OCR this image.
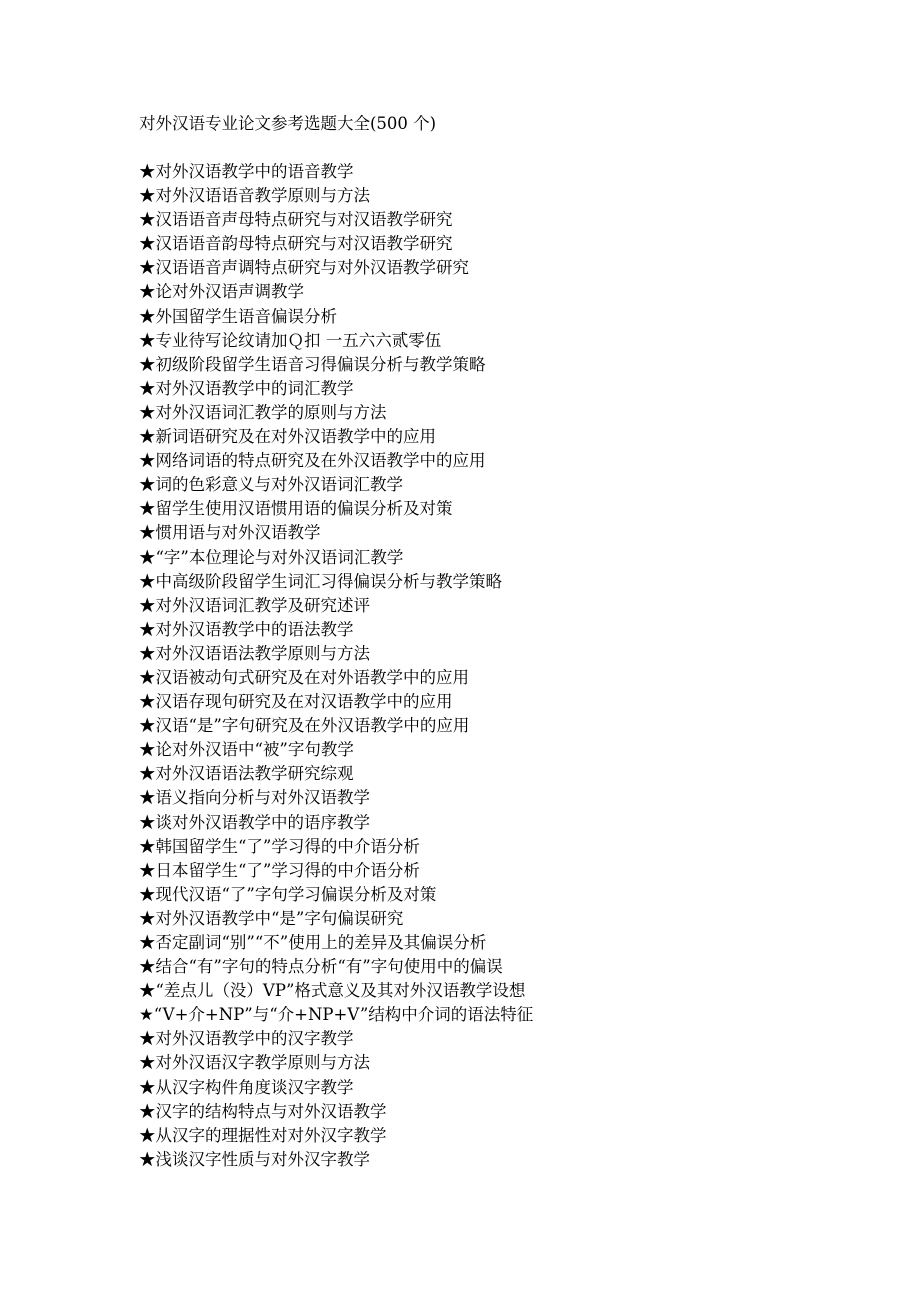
对外汉语专业论文参考选题大全(500 个)
★对外汉语教学中的语音教学
★对外汉语语音教学原则与方法
★汉语语音声母特点研究与对汉语教学研究
★汉语语音韵母特点研究与对汉语教学研究
★汉语语音声调特点研究与对外汉语教学研究
★论对外汉语声调教学
★外国留学生语音偏误分析
★专业待写论纹请加Ｑ扣 一五六六贰零伍
★初级阶段留学生语音习得偏误分析与教学策略
★对外汉语教学中的词汇教学
★对外汉语词汇教学的原则与方法
★新词语研究及在对外汉语教学中的应用
★网络词语的特点研究及在外汉语教学中的应用
★词的色彩意义与对外汉语词汇教学
★留学生使用汉语惯用语的偏误分析及对策
★惯用语与对外汉语教学
★“字”本位理论与对外汉语词汇教学
★中高级阶段留学生词汇习得偏误分析与教学策略
★对外汉语词汇教学及研究述评
★对外汉语教学中的语法教学
★对外汉语语法教学原则与方法
★汉语被动句式研究及在对外语教学中的应用
★汉语存现句研究及在对汉语教学中的应用
★汉语“是”字句研究及在外汉语教学中的应用
★论对外汉语中“被”字句教学
★对外汉语语法教学研究综观
★语义指向分析与对外汉语教学
★谈对外汉语教学中的语序教学
★韩国留学生“了”学习得的中介语分析
★日本留学生“了”学习得的中介语分析
★现代汉语“了”字句学习偏误分析及对策
★对外汉语教学中“是”字句偏误研究
★否定副词“别”“不”使用上的差异及其偏误分析
★结合“有”字句的特点分析“有”字句使用中的偏误
★“差点儿（没）VP”格式意义及其对外汉语教学设想
★“V+介+NP”与“介+NP+V”结构中介词的语法特征
★对外汉语教学中的汉字教学
★对外汉语汉字教学原则与方法
★从汉字构件角度谈汉字教学
★汉字的结构特点与对外汉语教学
★从汉字的理据性对对外汉字教学
★浅谈汉字性质与对外汉字教学
